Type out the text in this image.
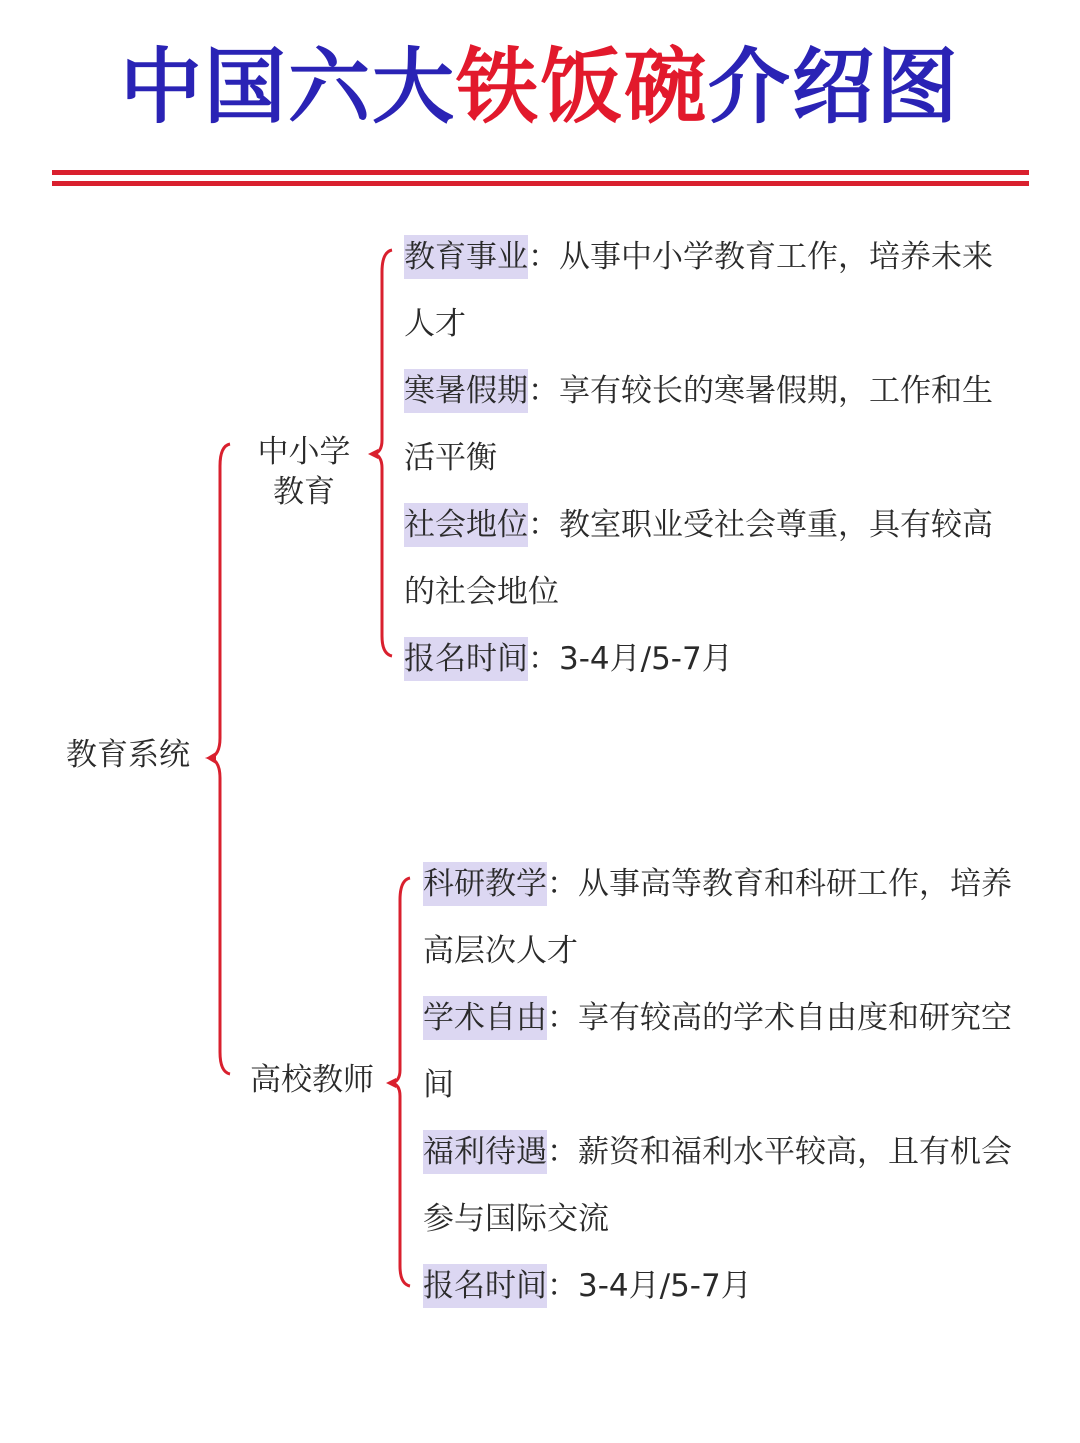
中国六大铁饭碗介绍图
教育系统
中小学
教育
高校教师
教育事业：从事中小学教育工作，培养未来人才
寒暑假期：享有较长的寒暑假期，工作和生活平衡
社会地位：教室职业受社会尊重，具有较高的社会地位
报名时间：3-4月/5-7月
科研教学：从事高等教育和科研工作，培养高层次人才
学术自由：享有较高的学术自由度和研究空间
福利待遇：薪资和福利水平较高，且有机会参与国际交流
报名时间：3-4月/5-7月
